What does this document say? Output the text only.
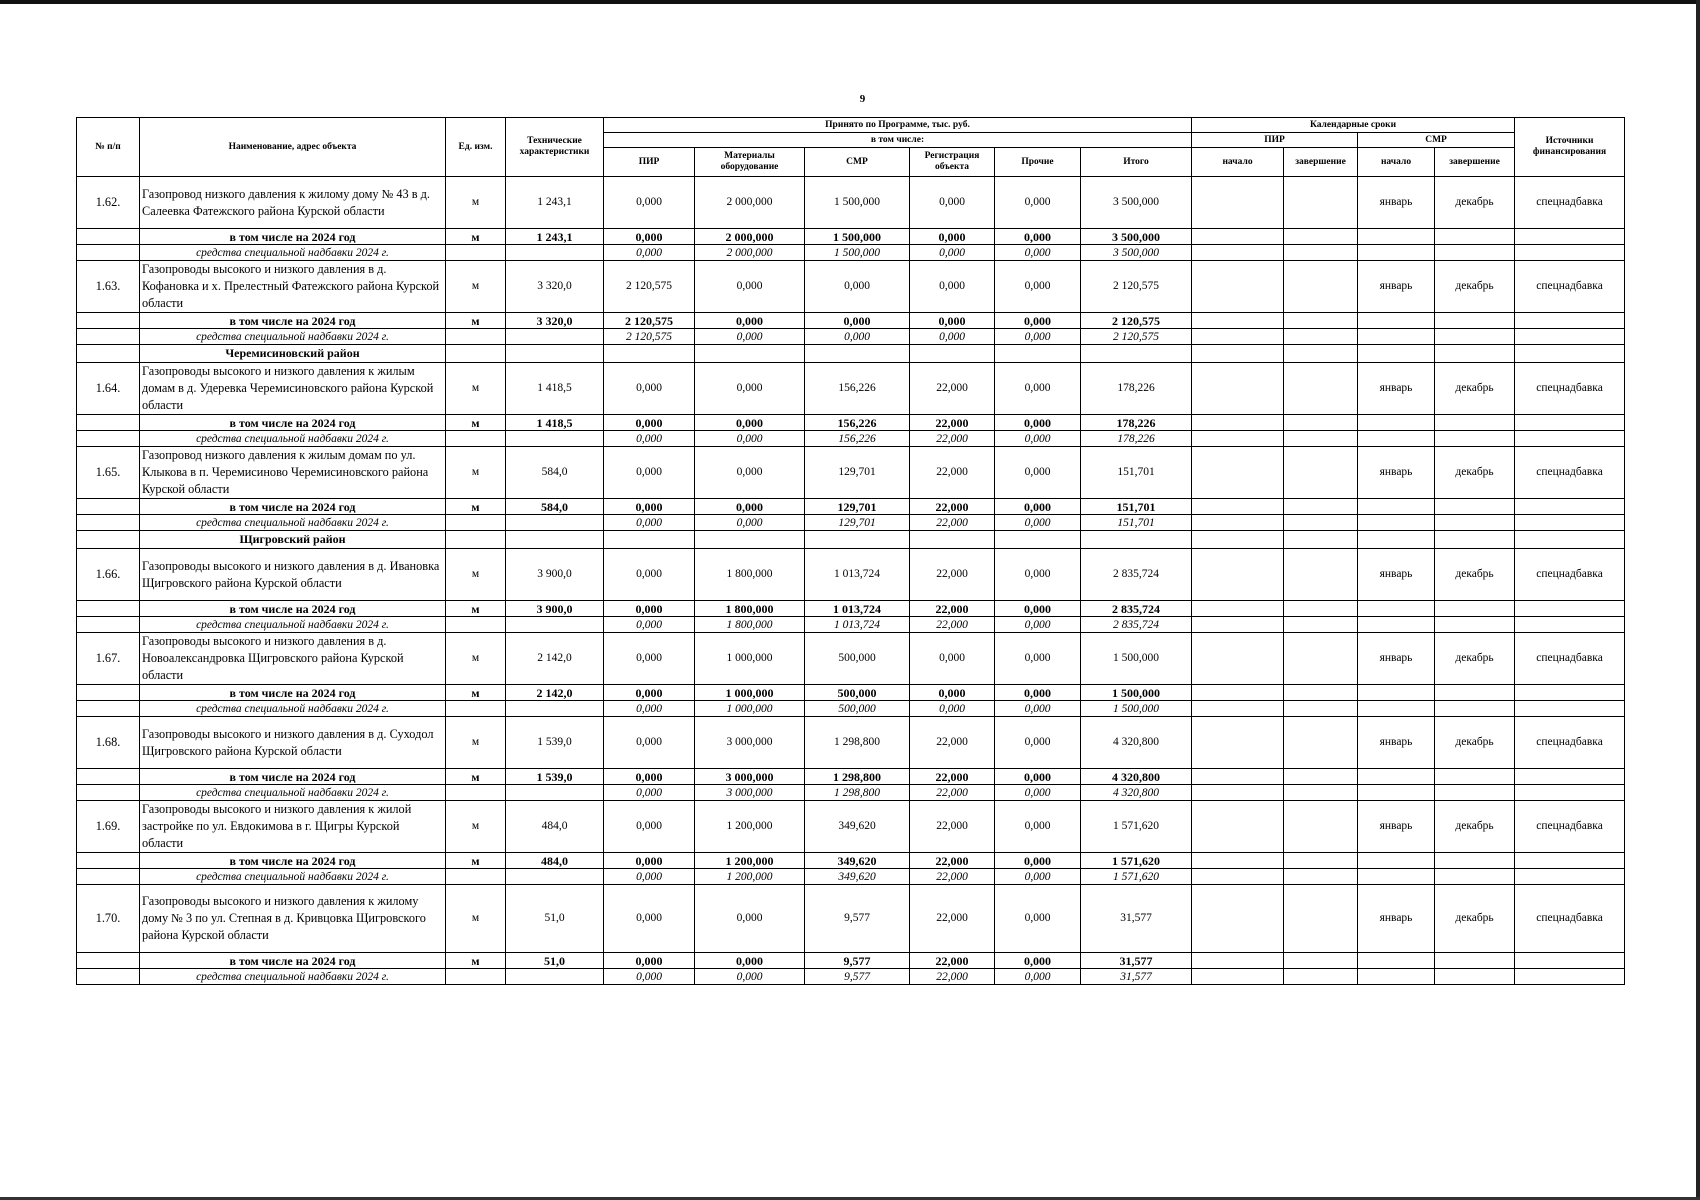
9
№ п/п	Наименование, адрес объекта	Ед. изм.	Технические характеристики	Принято по Программе, тыс. руб.						Календарные сроки				Источники финансирования
				в том числе:						ПИР		СМР		
				ПИР	Материалы оборудование	СМР	Регистрация объекта	Прочие	Итого	начало	завершение	начало	завершение	
1.62.	Газопровод низкого давления к жилому дому № 43 в д. Салеевка Фатежского района Курской области	м	1 243,1	0,000	2 000,000	1 500,000	0,000	0,000	3 500,000			январь	декабрь	спецнадбавка
	в том числе на 2024 год	м	1 243,1	0,000	2 000,000	1 500,000	0,000	0,000	3 500,000					
	средства специальной надбавки 2024 г.			0,000	2 000,000	1 500,000	0,000	0,000	3 500,000					
1.63.	Газопроводы высокого и низкого давления в д. Кофановка и х. Прелестный Фатежского района Курской области	м	3 320,0	2 120,575	0,000	0,000	0,000	0,000	2 120,575			январь	декабрь	спецнадбавка
	в том числе на 2024 год	м	3 320,0	2 120,575	0,000	0,000	0,000	0,000	2 120,575					
	средства специальной надбавки 2024 г.			2 120,575	0,000	0,000	0,000	0,000	2 120,575					
	Черемисиновский район													
1.64.	Газопроводы высокого и низкого давления к жилым домам в д. Удеревка Черемисиновского района Курской области	м	1 418,5	0,000	0,000	156,226	22,000	0,000	178,226			январь	декабрь	спецнадбавка
	в том числе на 2024 год	м	1 418,5	0,000	0,000	156,226	22,000	0,000	178,226					
	средства специальной надбавки 2024 г.			0,000	0,000	156,226	22,000	0,000	178,226					
1.65.	Газопровод низкого давления к жилым домам по ул. Клыкова в п. Черемисиново Черемисиновского района Курской области	м	584,0	0,000	0,000	129,701	22,000	0,000	151,701			январь	декабрь	спецнадбавка
	в том числе на 2024 год	м	584,0	0,000	0,000	129,701	22,000	0,000	151,701					
	средства специальной надбавки 2024 г.			0,000	0,000	129,701	22,000	0,000	151,701					
	Щигровский район													
1.66.	Газопроводы высокого и низкого давления в д. Ивановка Щигровского района Курской области	м	3 900,0	0,000	1 800,000	1 013,724	22,000	0,000	2 835,724			январь	декабрь	спецнадбавка
	в том числе на 2024 год	м	3 900,0	0,000	1 800,000	1 013,724	22,000	0,000	2 835,724					
	средства специальной надбавки 2024 г.			0,000	1 800,000	1 013,724	22,000	0,000	2 835,724					
1.67.	Газопроводы высокого и низкого давления в д. Новоалександровка Щигровского района Курской области	м	2 142,0	0,000	1 000,000	500,000	0,000	0,000	1 500,000			январь	декабрь	спецнадбавка
	в том числе на 2024 год	м	2 142,0	0,000	1 000,000	500,000	0,000	0,000	1 500,000					
	средства специальной надбавки 2024 г.			0,000	1 000,000	500,000	0,000	0,000	1 500,000					
1.68.	Газопроводы высокого и низкого давления в д. Суходол Щигровского района Курской области	м	1 539,0	0,000	3 000,000	1 298,800	22,000	0,000	4 320,800			январь	декабрь	спецнадбавка
	в том числе на 2024 год	м	1 539,0	0,000	3 000,000	1 298,800	22,000	0,000	4 320,800					
	средства специальной надбавки 2024 г.			0,000	3 000,000	1 298,800	22,000	0,000	4 320,800					
1.69.	Газопроводы высокого и низкого давления к жилой застройке по ул. Евдокимова в г. Щигры Курской области	м	484,0	0,000	1 200,000	349,620	22,000	0,000	1 571,620			январь	декабрь	спецнадбавка
	в том числе на 2024 год	м	484,0	0,000	1 200,000	349,620	22,000	0,000	1 571,620					
	средства специальной надбавки 2024 г.			0,000	1 200,000	349,620	22,000	0,000	1 571,620					
1.70.	Газопроводы высокого и низкого давления к жилому дому № 3 по ул. Степная в д. Кривцовка Щигровского района Курской области	м	51,0	0,000	0,000	9,577	22,000	0,000	31,577			январь	декабрь	спецнадбавка
	в том числе на 2024 год	м	51,0	0,000	0,000	9,577	22,000	0,000	31,577					
	средства специальной надбавки 2024 г.			0,000	0,000	9,577	22,000	0,000	31,577					
